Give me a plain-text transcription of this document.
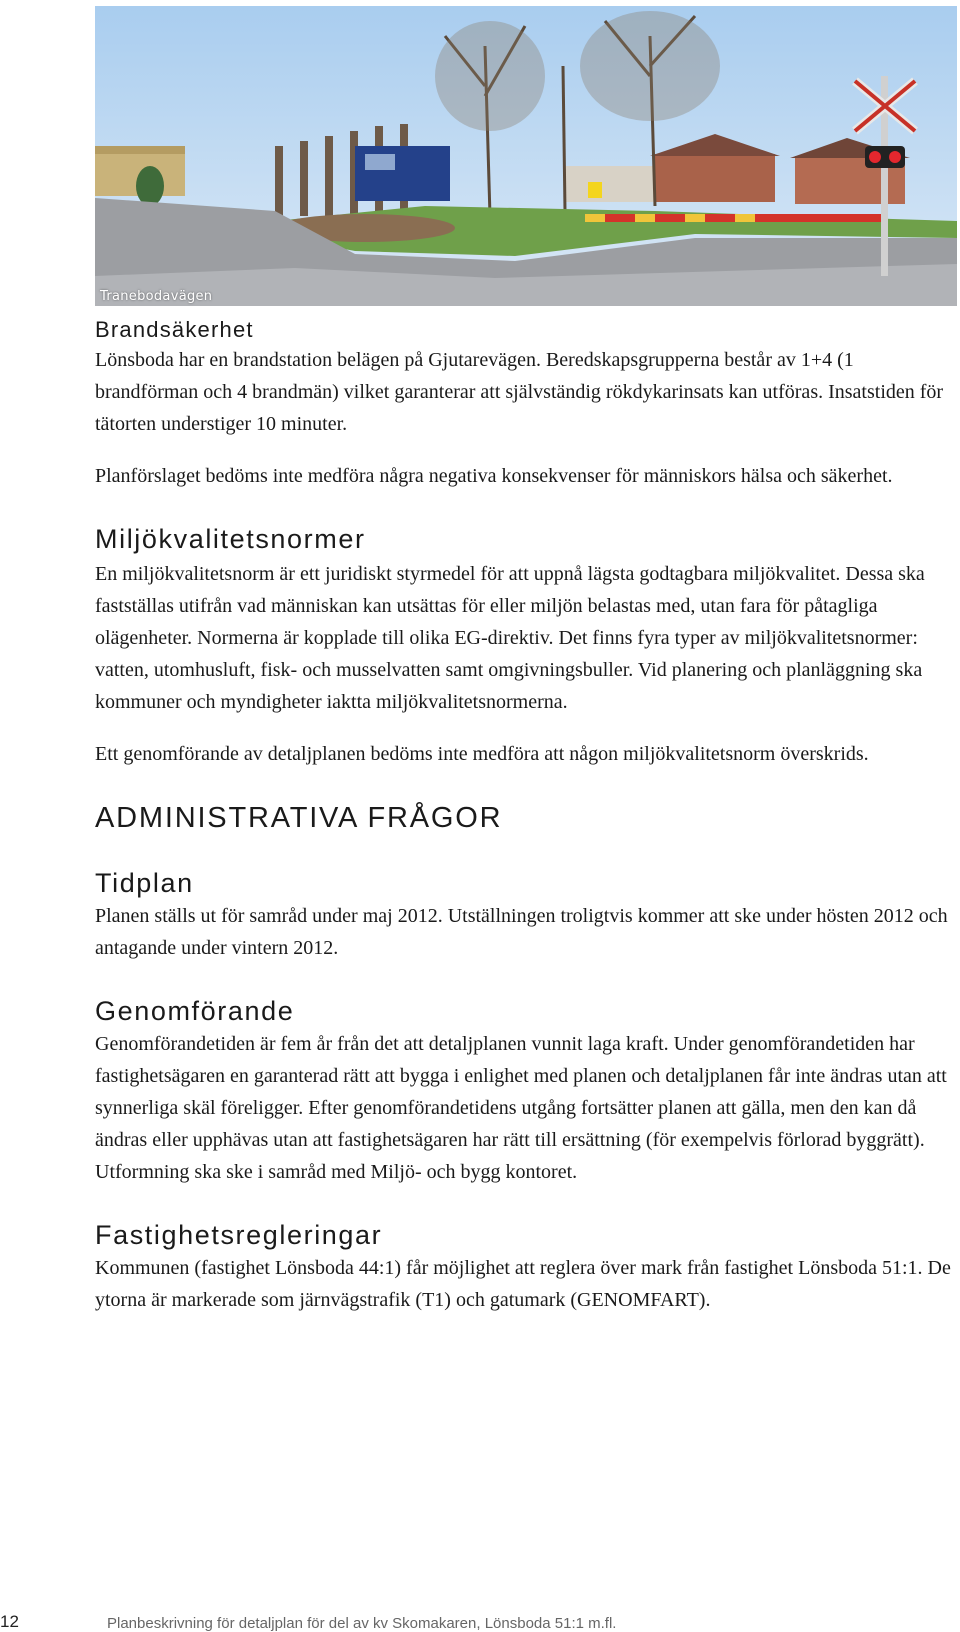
Tranebodavägen
Brandsäkerhet

Lönsboda har en brandstation belägen på Gjutarevägen. Beredskapsgrupperna består av 1+4 (1 brandförman och 4 brandmän) vilket garanterar att självständig rökdykarinsats kan utföras. Insatstiden för tätorten understiger 10 minuter.

Planförslaget bedöms inte medföra några negativa konsekvenser för människors hälsa och säkerhet.

Miljökvalitetsnormer

En miljökvalitetsnorm är ett juridiskt styrmedel för att uppnå lägsta godtagbara miljökvalitet. Dessa ska fastställas utifrån vad människan kan utsättas för eller miljön belastas med, utan fara för påtagliga olägenheter. Normerna är kopplade till olika EG-direktiv. Det finns fyra typer av miljökvalitetsnormer: vatten, utomhusluft, fisk- och musselvatten samt omgivningsbuller. Vid planering och planläggning ska kommuner och myndigheter iaktta miljökvalitetsnormerna.

Ett genomförande av detaljplanen bedöms inte medföra att någon miljökvalitetsnorm överskrids.

ADMINISTRATIVA FRÅGOR
Tidplan

Planen ställs ut för samråd under maj 2012. Utställningen troligtvis kommer att ske under hösten 2012 och antagande under vintern 2012.

Genomförande

Genomförandetiden är fem år från det att detaljplanen vunnit laga kraft. Under genomförandetiden har fastighetsägaren en garanterad rätt att bygga i enlighet med planen och detaljplanen får inte ändras utan att synnerliga skäl föreligger. Efter genomförandetidens utgång fortsätter planen att gälla, men den kan då ändras eller upphävas utan att fastighetsägaren har rätt till ersättning (för exempelvis förlorad byggrätt).

Utformning ska ske i samråd med Miljö- och bygg kontoret.

Fastighetsregleringar

Kommunen (fastighet Lönsboda 44:1) får möjlighet att reglera över mark från fastighet Lönsboda 51:1. De ytorna är markerade som järnvägstrafik (T1) och gatumark (GENOMFART).

12	Planbeskrivning för detaljplan för del av kv Skomakaren, Lönsboda 51:1 m.fl.
